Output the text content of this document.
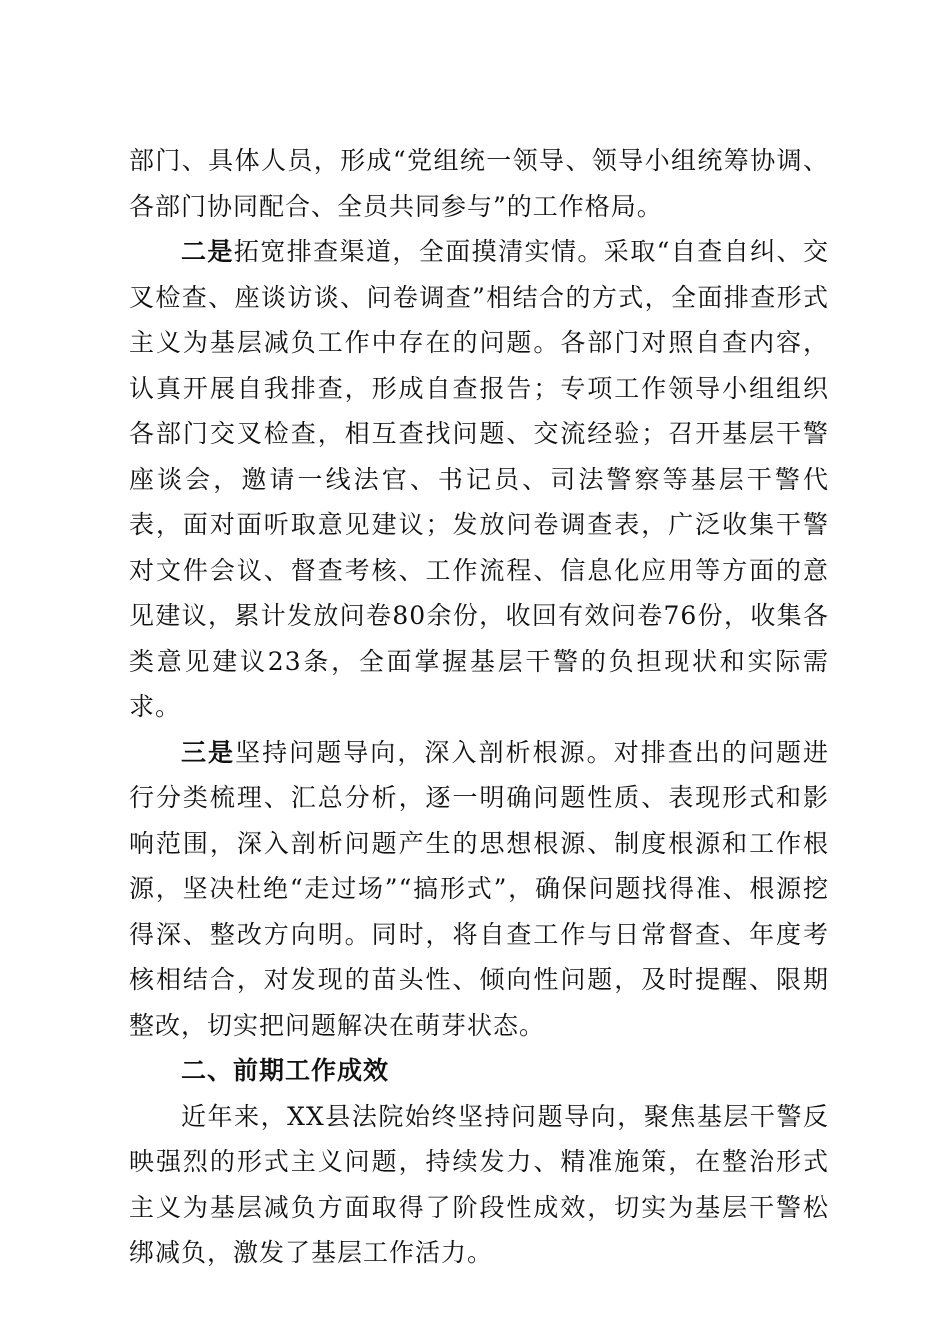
部门、具体人员，形成“党组统一领导、领导小组统筹协调、各部门协同配合、全员共同参与”的工作格局。

二是拓宽排查渠道，全面摸清实情。采取“自查自纠、交叉检查、座谈访谈、问卷调查”相结合的方式，全面排查形式主义为基层减负工作中存在的问题。各部门对照自查内容，认真开展自我排查，形成自查报告；专项工作领导小组组织各部门交叉检查，相互查找问题、交流经验；召开基层干警座谈会，邀请一线法官、书记员、司法警察等基层干警代表，面对面听取意见建议；发放问卷调查表，广泛收集干警对文件会议、督查考核、工作流程、信息化应用等方面的意见建议，累计发放问卷80余份，收回有效问卷76份，收集各类意见建议23条，全面掌握基层干警的负担现状和实际需求。

三是坚持问题导向，深入剖析根源。对排查出的问题进行分类梳理、汇总分析，逐一明确问题性质、表现形式和影响范围，深入剖析问题产生的思想根源、制度根源和工作根源，坚决杜绝“走过场”“搞形式”，确保问题找得准、根源挖得深、整改方向明。同时，将自查工作与日常督查、年度考核相结合，对发现的苗头性、倾向性问题，及时提醒、限期整改，切实把问题解决在萌芽状态。

二、前期工作成效

近年来，XX县法院始终坚持问题导向，聚焦基层干警反映强烈的形式主义问题，持续发力、精准施策，在整治形式主义为基层减负方面取得了阶段性成效，切实为基层干警松绑减负，激发了基层工作活力。
